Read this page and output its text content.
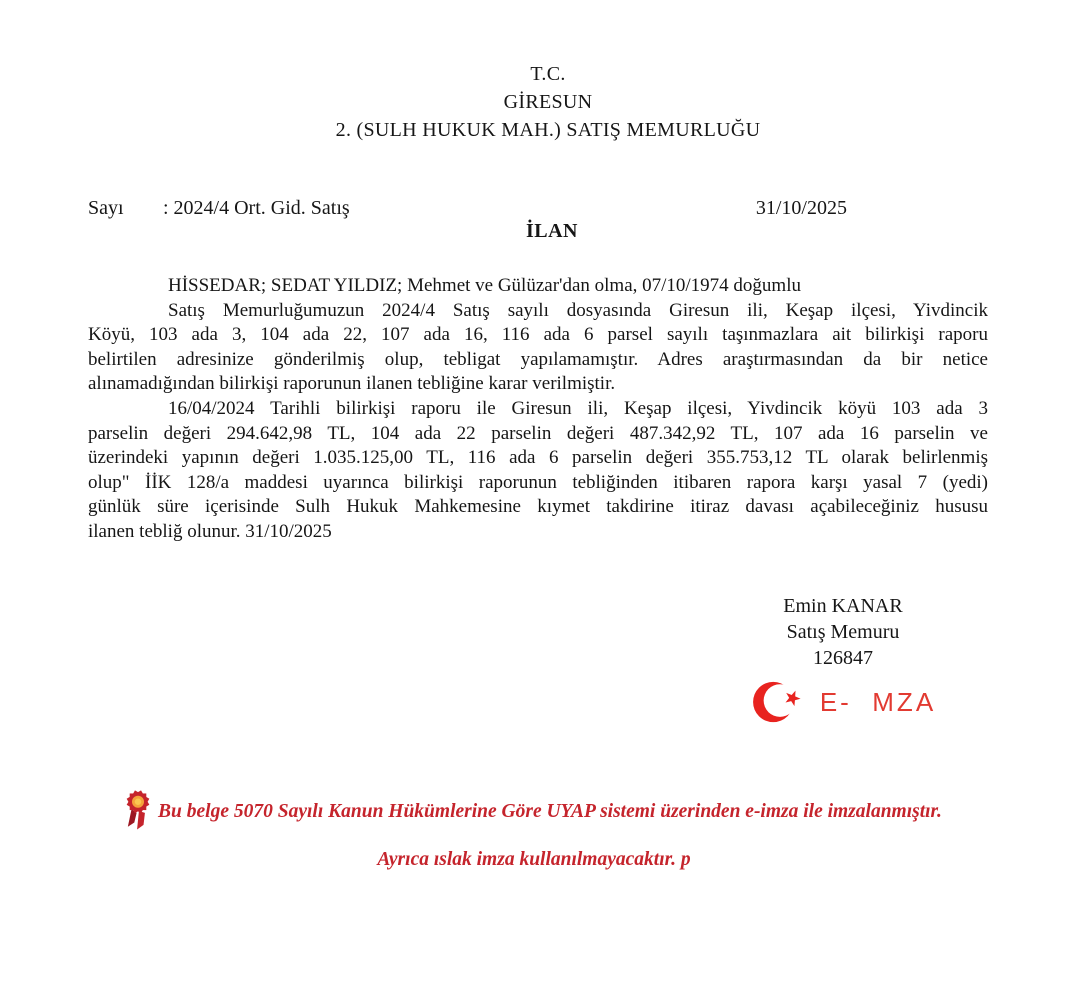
T.C.
GİRESUN
2. (SULH HUKUK MAH.) SATIŞ MEMURLUĞU
Sayı : 2024/4 Ort. Gid. Satış	31/10/2025
İLAN
HİSSEDAR; SEDAT YILDIZ; Mehmet ve Gülüzar'dan olma, 07/10/1974 doğumlu
Satış Memurluğumuzun 2024/4 Satış sayılı dosyasında Giresun ili, Keşap ilçesi, Yivdincik
Köyü, 103 ada 3, 104 ada 22, 107 ada 16, 116 ada 6 parsel sayılı taşınmazlara ait bilirkişi raporu
belirtilen adresinize gönderilmiş olup, tebligat yapılamamıştır. Adres araştırmasından da bir netice
alınamadığından bilirkişi raporunun ilanen tebliğine karar verilmiştir.
16/04/2024 Tarihli bilirkişi raporu ile Giresun ili, Keşap ilçesi, Yivdincik köyü 103 ada 3
parselin değeri 294.642,98 TL, 104 ada 22 parselin değeri 487.342,92 TL, 107 ada 16 parselin ve
üzerindeki yapının değeri 1.035.125,00 TL, 116 ada 6 parselin değeri 355.753,12 TL olarak belirlenmiş
olup" İİK 128/a maddesi uyarınca bilirkişi raporunun tebliğinden itibaren rapora karşı yasal 7 (yedi)
günlük süre içerisinde Sulh Hukuk Mahkemesine kıymet takdirine itiraz davası açabileceğiniz hususu
ilanen tebliğ olunur. 31/10/2025
Emin KANAR
Satış Memuru
126847
E-  MZA
Bu belge 5070 Sayılı Kanun Hükümlerine Göre UYAP sistemi üzerinden e-imza ile imzalanmıştır.
Ayrıca ıslak imza kullanılmayacaktır. p
